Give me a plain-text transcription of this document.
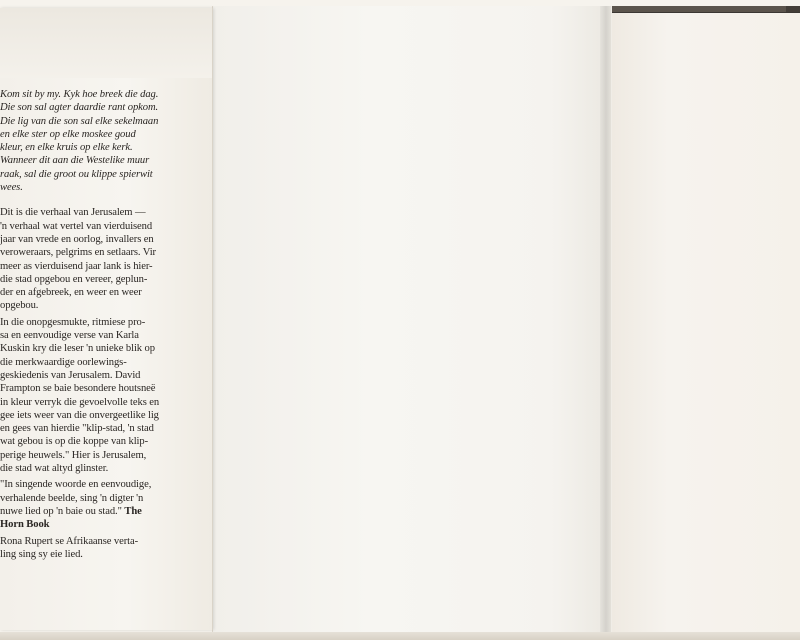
Kom sit by my. Kyk hoe breek die dag.

Die son sal agter daardie rant opkom.

Die lig van die son sal elke sekelmaan

en elke ster op elke moskee goud

kleur, en elke kruis op elke kerk.

Wanneer dit aan die Westelike muur

raak, sal die groot ou klippe spierwit

wees.

Dit is die verhaal van Jerusalem —

'n verhaal wat vertel van vierduisend

jaar van vrede en oorlog, invallers en

veroweraars, pelgrims en setlaars. Vir

meer as vierduisend jaar lank is hier-

die stad opgebou en vereer, geplun-

der en afgebreek, en weer en weer

opgebou.

In die onopgesmukte, ritmiese pro-

sa en eenvoudige verse van Karla

Kuskin kry die leser 'n unieke blik op

die merkwaardige oorlewings-

geskiedenis van Jerusalem. David

Frampton se baie besondere houtsneë

in kleur verryk die gevoelvolle teks en

gee iets weer van die onvergeetlike lig

en gees van hierdie "klip-stad, 'n stad

wat gebou is op die koppe van klip-

perige heuwels." Hier is Jerusalem,

die stad wat altyd glinster.

"In singende woorde en eenvoudige,

verhalende beelde, sing 'n digter 'n

nuwe lied op 'n baie ou stad." The

Horn Book

Rona Rupert se Afrikaanse verta-

ling sing sy eie lied.
